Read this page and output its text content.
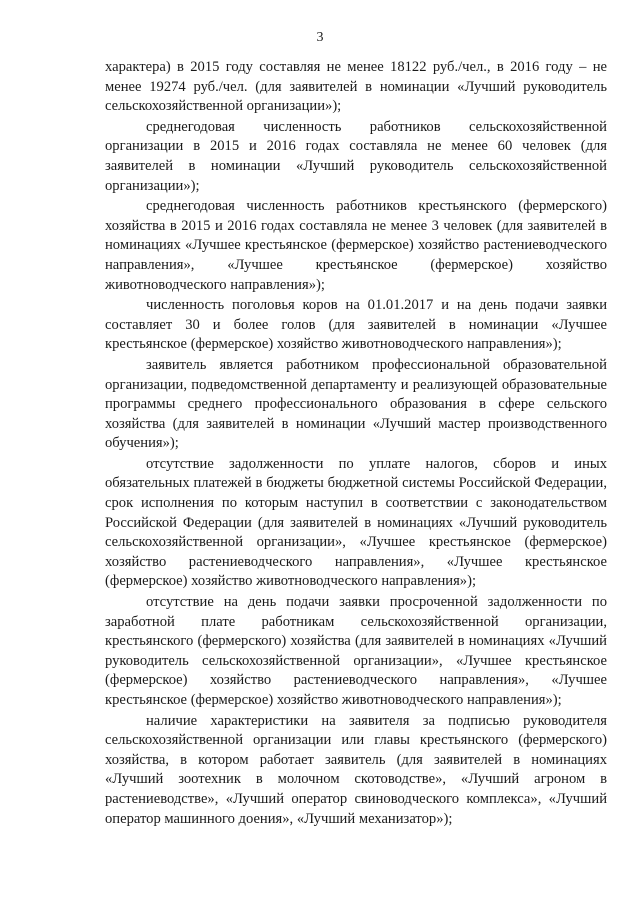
3

характера) в 2015 году составляя не менее 18122 руб./чел., в 2016 году – не менее 19274 руб./чел. (для заявителей в номинации «Лучший руководитель сельскохозяйственной организации»);

среднегодовая численность работников сельскохозяйственной организации в 2015 и 2016 годах составляла не менее 60 человек (для заявителей в номинации «Лучший руководитель сельскохозяйственной организации»);

среднегодовая численность работников крестьянского (фермерского) хозяйства в 2015 и 2016 годах составляла не менее 3 человек (для заявителей в номинациях «Лучшее крестьянское (фермерское) хозяйство растениеводческого направления», «Лучшее крестьянское (фермерское) хозяйство животноводческого направления»);

численность поголовья коров на 01.01.2017 и на день подачи заявки составляет 30 и более голов (для заявителей в номинации «Лучшее крестьянское (фермерское) хозяйство животноводческого направления»);

заявитель является работником профессиональной образовательной организации, подведомственной департаменту и реализующей образовательные программы среднего профессионального образования в сфере сельского хозяйства (для заявителей в номинации «Лучший мастер производственного обучения»);

отсутствие задолженности по уплате налогов, сборов и иных обязательных платежей в бюджеты бюджетной системы Российской Федерации, срок исполнения по которым наступил в соответствии с законодательством Российской Федерации (для заявителей в номинациях «Лучший руководитель сельскохозяйственной организации», «Лучшее крестьянское (фермерское) хозяйство растениеводческого направления», «Лучшее крестьянское (фермерское) хозяйство животноводческого направления»);

отсутствие на день подачи заявки просроченной задолженности по заработной плате работникам сельскохозяйственной организации, крестьянского (фермерского) хозяйства (для заявителей в номинациях «Лучший руководитель сельскохозяйственной организации», «Лучшее крестьянское (фермерское) хозяйство растениеводческого направления», «Лучшее крестьянское (фермерское) хозяйство животноводческого направления»);

наличие характеристики на заявителя за подписью руководителя сельскохозяйственной организации или главы крестьянского (фермерского) хозяйства, в котором работает заявитель (для заявителей в номинациях «Лучший зоотехник в молочном скотоводстве», «Лучший агроном в растениеводстве», «Лучший оператор свиноводческого комплекса», «Лучший оператор машинного доения», «Лучший механизатор»);
